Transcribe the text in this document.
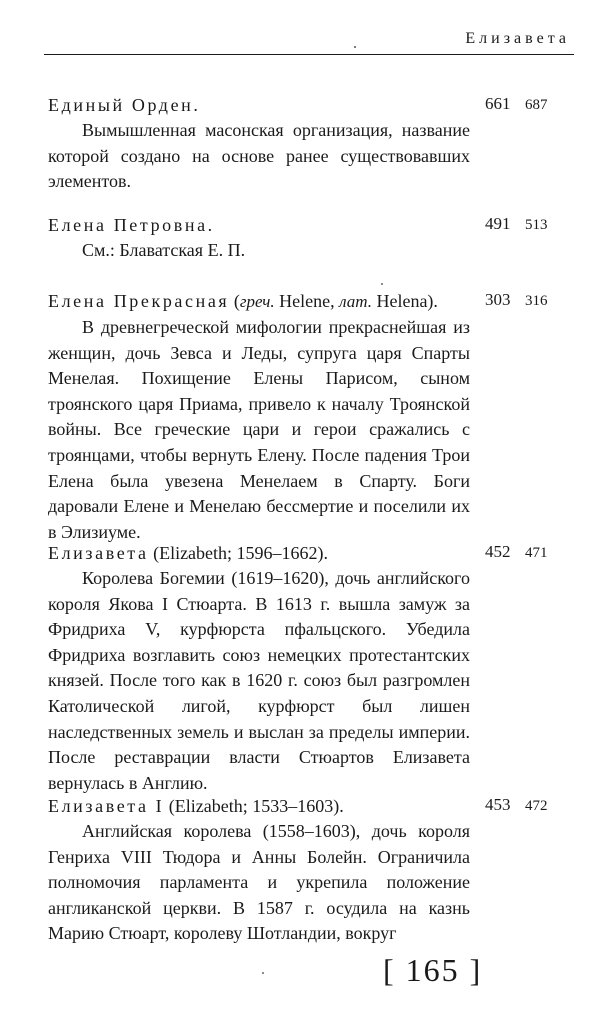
Елизавета
Единый Орден.
Вымышленная масонская организация, название которой создано на основе ранее существовавших элементов.
661 687
Елена Петровна.
См.: Блаватская Е. П.
491 513
Елена Прекрасная (греч. Helene, лат. Helena).
В древнегреческой мифологии прекраснейшая из женщин, дочь Зевса и Леды, супруга царя Спарты Менелая. Похищение Елены Парисом, сыном троянского царя Приама, привело к началу Троянской войны. Все греческие цари и герои сражались с троянцами, чтобы вернуть Елену. После падения Трои Елена была увезена Менелаем в Спарту. Боги даровали Елене и Менелаю бессмертие и поселили их в Элизиуме.
303 316
Елизавета (Elizabeth; 1596–1662).
Королева Богемии (1619–1620), дочь английского короля Якова I Стюарта. В 1613 г. вышла замуж за Фридриха V, курфюрста пфальцского. Убедила Фридриха возглавить союз немецких протестантских князей. После того как в 1620 г. союз был разгромлен Католической лигой, курфюрст был лишен наследственных земель и выслан за пределы империи. После реставрации власти Стюартов Елизавета вернулась в Англию.
452 471
Елизавета I (Elizabeth; 1533–1603).
Английская королева (1558–1603), дочь короля Генриха VIII Тюдора и Анны Болейн. Ограничила полномочия парламента и укрепила положение англиканской церкви. В 1587 г. осудила на казнь Марию Стюарт, королеву Шотландии, вокруг
453 472
[ 165 ]
